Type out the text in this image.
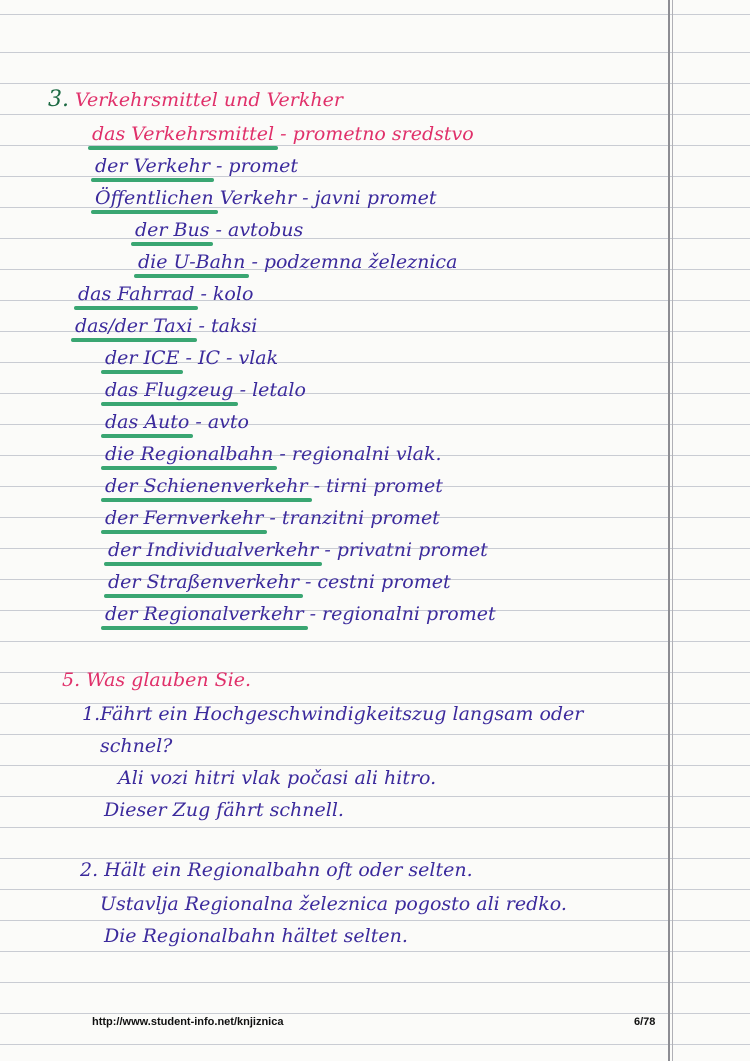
3. Verkehrsmittel und Verkher
das Verkehrsmittel - prometno sredstvo
der Verkehr - promet
Öffentlichen Verkehr - javni promet
der Bus - avtobus
die U-Bahn - podzemna železnica
das Fahrrad - kolo
das/der Taxi - taksi
der ICE - IC - vlak
das Flugzeug - letalo
das Auto - avto
die Regionalbahn - regionalni vlak.
der Schienenverkehr - tirni promet
der Fernverkehr - tranzitni promet
der Individualverkehr - privatni promet
der Straßenverkehr - cestni promet
der Regionalverkehr - regionalni promet
5. Was glauben Sie.
1.Fährt ein Hochgeschwindigkeitszug langsam oder
schnel?
Ali vozi hitri vlak počasi ali hitro.
Dieser Zug fährt schnell.
2. Hält ein Regionalbahn oft oder selten.
Ustavlja Regionalna železnica pogosto ali redko.
Die Regionalbahn hältet selten.
http://www.student-info.net/knjiznica	6/78
